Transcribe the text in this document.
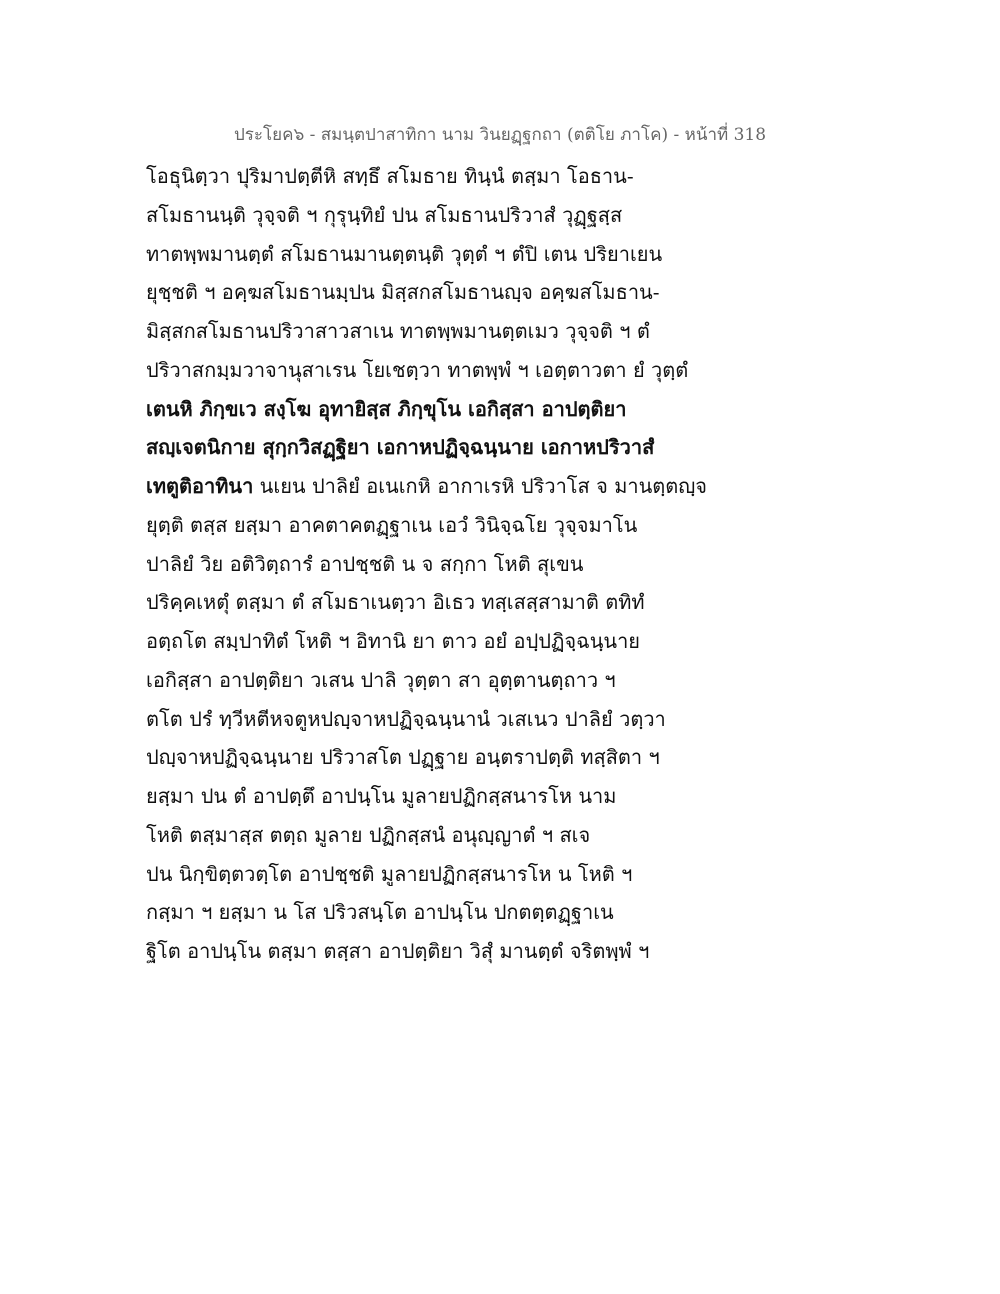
ประโยค๖ - สมนฺตปาสาทิกา นาม วินยฏฺฐกถา (ตติโย ภาโค) - หน้าที่ 318
โอธุนิตฺวา ปุริมาปตฺตีหิ สทฺธึ สโมธาย ทินฺนํ ตสฺมา โอธาน-
สโมธานนฺติ วุจฺจติ ฯ กุรุนฺทิยํ ปน สโมธานปริวาสํ วุฏฺฐสฺส
ทาตพฺพมานตฺตํ สโมธานมานตฺตนฺติ วุตฺตํ ฯ ตํปิ เตน ปริยาเยน
ยุชฺชติ ฯ อคฺฆสโมธานมฺปน มิสฺสกสโมธานญฺจ อคฺฆสโมธาน-
มิสฺสกสโมธานปริวาสาวสาเน ทาตพฺพมานตฺตเมว วุจฺจติ ฯ ตํ
ปริวาสกมฺมวาจานุสาเรน โยเชตฺวา ทาตพฺพํ ฯ เอตฺตาวตา ยํ วุตฺตํ
เตนหิ ภิกฺขเว สงฺโฆ อุทายิสฺส ภิกฺขุโน เอกิสฺสา อาปตฺติยา
สญฺเจตนิกาย สุกฺกวิสฏฺฐิยา เอกาหปฏิจฺฉนฺนาย เอกาหปริวาสํ
เทตูติอาทินา นเยน ปาลิยํ อเนเกหิ อากาเรหิ ปริวาโส จ มานตฺตญฺจ
ยุตฺติ ตสฺส ยสฺมา อาคตาคตฏฺฐาเน เอวํ วินิจฺฉโย วุจฺจมาโน
ปาลิยํ วิย อติวิตฺถารํ อาปชฺชติ น จ สกฺกา โหติ สุเขน
ปริคฺคเหตุํ ตสฺมา ตํ สโมธาเนตฺวา อิเธว ทสฺเสสฺสามาติ ตทิทํ
อตฺถโต สมฺปาทิตํ โหติ ฯ อิทานิ ยา ตาว อยํ อปฺปฏิจฺฉนฺนาย
เอกิสฺสา อาปตฺติยา วเสน ปาลิ วุตฺตา สา อุตฺตานตฺถาว ฯ
ตโต ปรํ ทฺวีหตีหจตูหปญฺจาหปฏิจฺฉนฺนานํ วเสเนว ปาลิยํ วตฺวา
ปญฺจาหปฏิจฺฉนฺนาย ปริวาสโต ปฏฺฐาย อนฺตราปตฺติ ทสฺสิตา ฯ
ยสฺมา ปน ตํ อาปตฺตึ อาปนฺโน มูลายปฏิกสฺสนารโห นาม
โหติ ตสฺมาสฺส ตตฺถ มูลาย ปฏิกสฺสนํ อนุญฺญาตํ ฯ สเจ
ปน นิกฺขิตฺตวตฺโต อาปชฺชติ มูลายปฏิกสฺสนารโห น โหติ ฯ
กสฺมา ฯ ยสฺมา น โส ปริวสนฺโต อาปนฺโน ปกตตฺตฏฺฐาเน
ฐิโต อาปนฺโน ตสฺมา ตสฺสา อาปตฺติยา วิสุํ มานตฺตํ จริตพฺพํ ฯ
